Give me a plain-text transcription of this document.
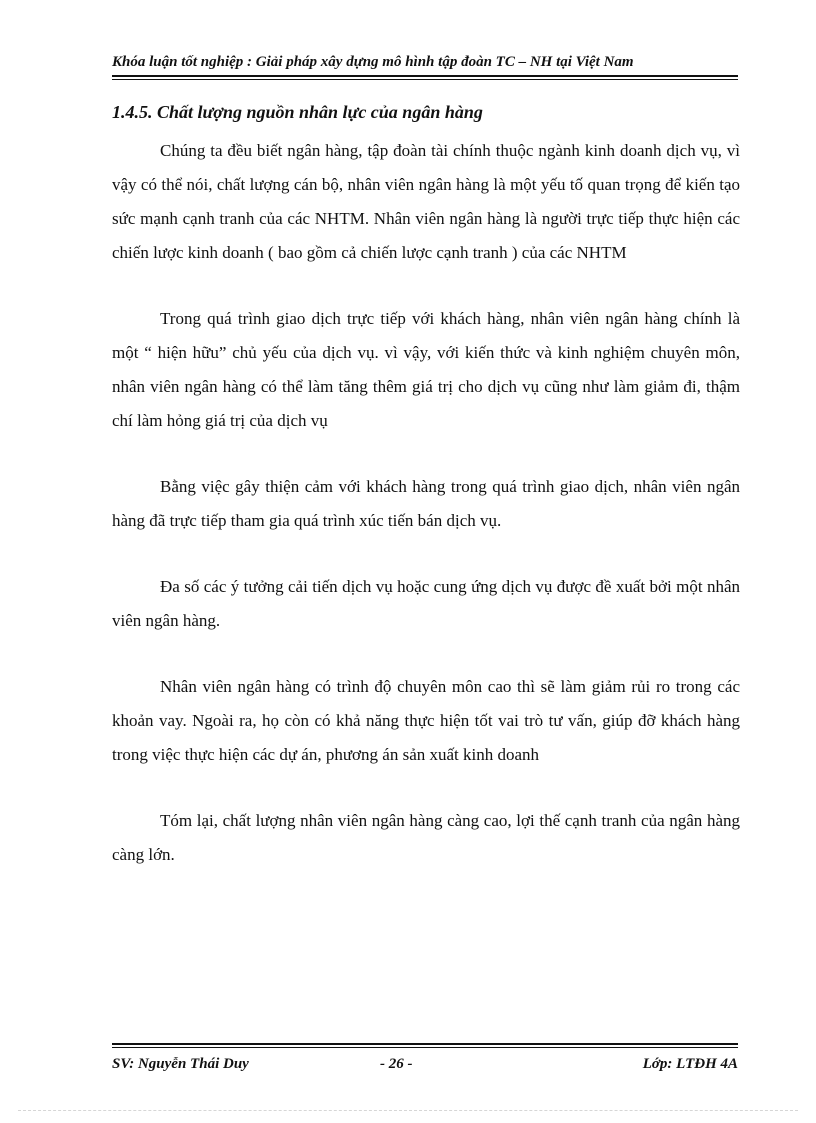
Khóa luận tốt nghiệp : Giải pháp xây dựng mô hình tập đoàn TC – NH tại Việt Nam
1.4.5. Chất lượng nguồn nhân lực của ngân hàng

Chúng ta đều biết ngân hàng, tập đoàn tài chính thuộc ngành kinh doanh dịch vụ, vì vậy có thể nói, chất lượng cán bộ, nhân viên ngân hàng là một yếu tố quan trọng để kiến tạo sức mạnh cạnh tranh của các NHTM. Nhân viên ngân hàng là người trực tiếp thực hiện các chiến lược kinh doanh ( bao gồm cả chiến lược cạnh tranh ) của các NHTM

Trong quá trình giao dịch trực tiếp với khách hàng, nhân viên ngân hàng chính là một “ hiện hữu” chủ yếu của dịch vụ. vì vậy, với kiến thức và kinh nghiệm chuyên môn, nhân viên ngân hàng có thể làm tăng thêm giá trị cho dịch vụ cũng như làm giảm đi, thậm chí làm hỏng giá trị của dịch vụ

Bằng việc gây thiện cảm với khách hàng trong quá trình giao dịch, nhân viên ngân hàng đã trực tiếp tham gia quá trình xúc tiến bán dịch vụ.

Đa số các ý tưởng cải tiến dịch vụ hoặc cung ứng dịch vụ được đề xuất bởi một nhân viên ngân hàng.

Nhân viên ngân hàng có trình độ chuyên môn cao thì sẽ làm giảm rủi ro trong các khoản vay. Ngoài ra, họ còn có khả năng thực hiện tốt vai trò tư vấn, giúp đỡ khách hàng trong việc thực hiện các dự án, phương án sản xuất kinh doanh

Tóm lại, chất lượng nhân viên ngân hàng càng cao, lợi thế cạnh tranh của ngân hàng càng lớn.

SV: Nguyễn Thái Duy	- 26 -	Lớp: LTĐH 4A
